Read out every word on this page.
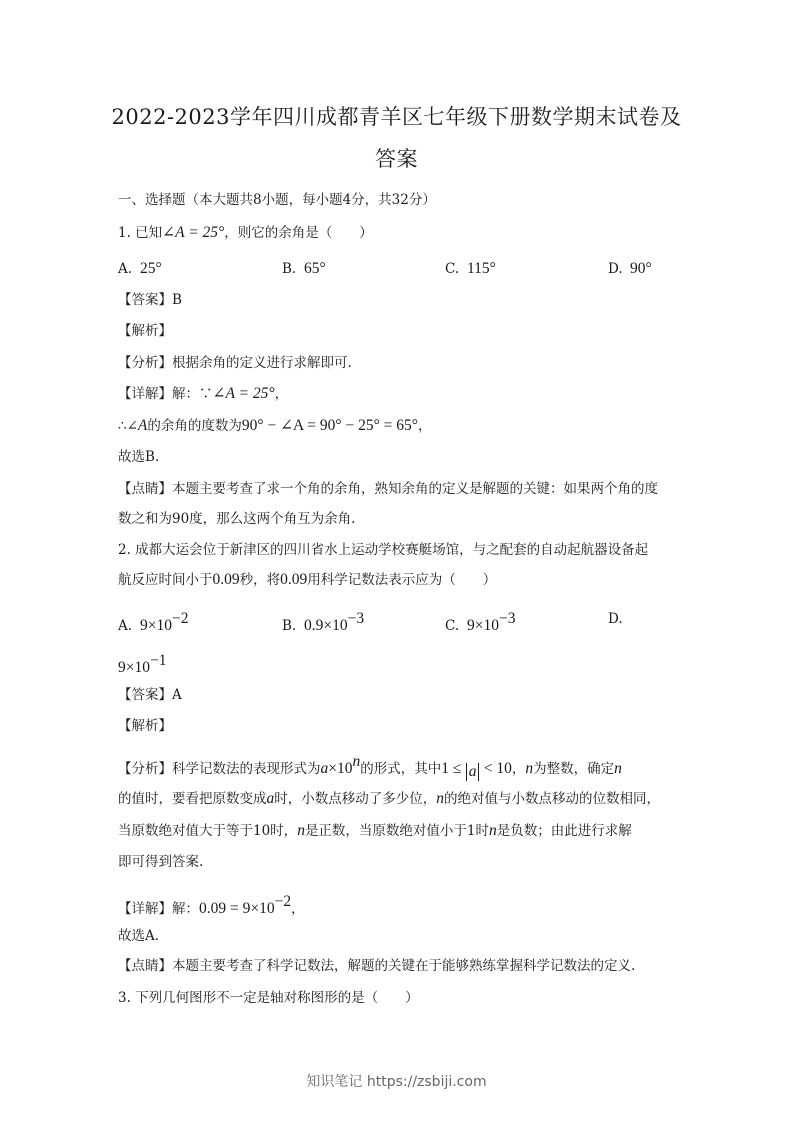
2022-2023学年四川成都青羊区七年级下册数学期末试卷及
答案
一、选择题（本大题共8小题，每小题4分，共32分）
1. 已知∠A = 25°，则它的余角是（　　）
A. 25°	B. 65°	C. 115°	D. 90°
【答案】B
【解析】
【分析】根据余角的定义进行求解即可.
【详解】解：∵∠A = 25°，
∴∠A的余角的度数为90° − ∠A = 90° − 25° = 65°，
故选B.
【点睛】本题主要考查了求一个角的余角，熟知余角的定义是解题的关键：如果两个角的度
数之和为90度，那么这两个角互为余角.
2. 成都大运会位于新津区的四川省水上运动学校赛艇场馆，与之配套的自动起航器设备起
航反应时间小于0.09秒，将0.09用科学记数法表示应为（　　）
A. $9\times 10^{-2}$	B. $0.9\times 10^{-3}$	C. $9\times 10^{-3}$	D.
$9\times 10^{-1}$
【答案】A
【解析】
【分析】科学记数法的表现形式为$a\times 10^n$的形式，其中1 ≤ a < 10，n为整数，确定n
的值时，要看把原数变成a时，小数点移动了多少位，n的绝对值与小数点移动的位数相同，
当原数绝对值大于等于10时，n是正数，当原数绝对值小于1时n是负数；由此进行求解
即可得到答案.
【详解】解：$0.09 = 9\times 10^{-2}$，
故选A.
【点睛】本题主要考查了科学记数法，解题的关键在于能够熟练掌握科学记数法的定义.
3. 下列几何图形不一定是轴对称图形的是（　　）
知识笔记 https://zsbiji.com
